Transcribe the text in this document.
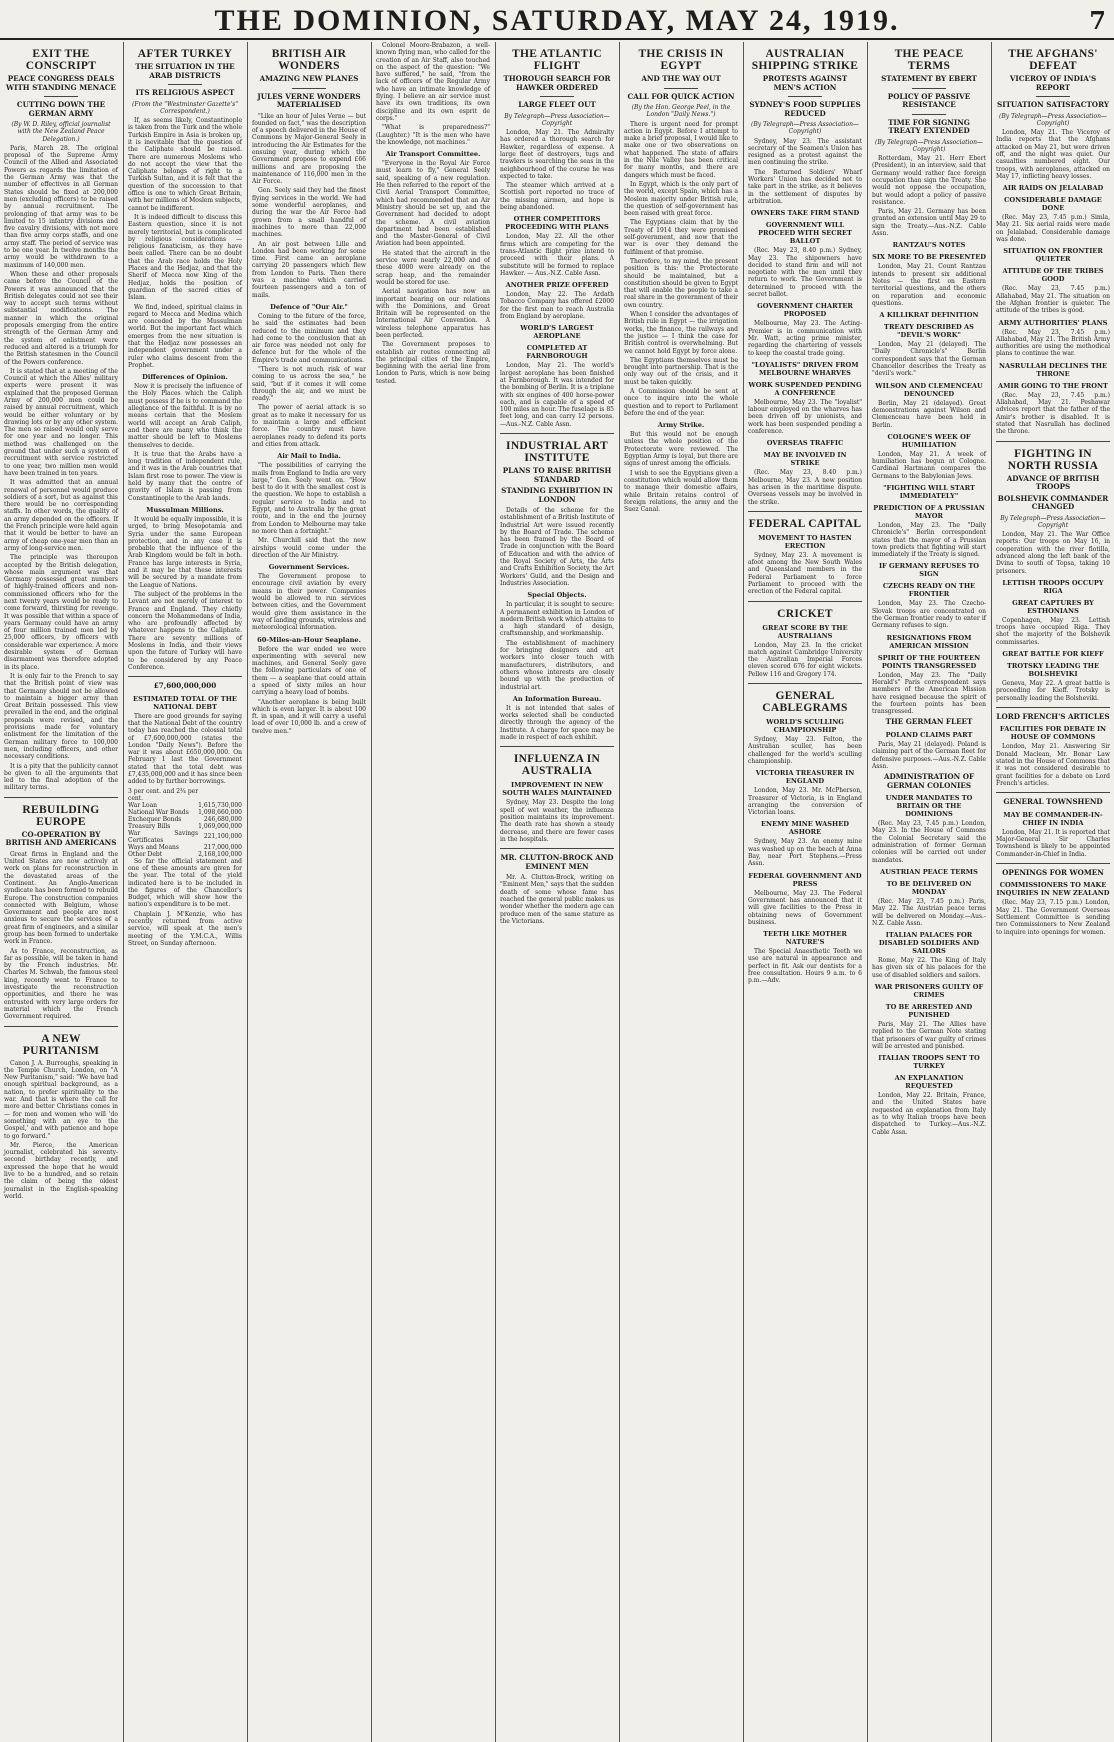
THE DOMINION, SATURDAY, MAY 24, 1919.	7
EXIT THE CONSCRIPT
PEACE CONGRESS DEALS WITH STANDING MENACE
CUTTING DOWN THE GERMAN ARMY
(By W. D. Riley, official journalist with the New Zealand Peace Delegation.)

Paris, March 28. The original proposal of the Supreme Army Council of the Allied and Associated Powers as regards the limitation of the German Army was that the number of effectives in all German States should be fixed at 200,000 men (excluding officers) to be raised by annual recruitment. The prolonging of that army was to be limited to 15 infantry divisions and five cavalry divisions, with not more than five army corps staffs, and one army staff. The period of service was to be one year. In twelve months the army would be withdrawn to a maximum of 140,000 men.

When these and other proposals came before the Council of the Powers it was announced that the British delegates could not see their way to accept such terms without substantial modifications. The manner in which the original proposals emerging from the entire strength of the German Army and the system of enlistment were reduced and altered is a triumph for the British statesmen in the Council of the Powers conference.

It is stated that at a meeting of the Council at which the Allies' military experts were present it was explained that the proposed German Army of 200,000 men could be raised by annual recruitment, which would be either voluntary or by drawing lots or by any other system. The men so raised would only serve for one year and no longer. This method was challenged on the ground that under such a system of recruitment with service restricted to one year, two million men would have been trained in ten years.

It was admitted that an annual renewal of personnel would produce soldiers of a sort, but as against this there would be no corresponding staffs. In other words, the quality of an army depended on the officers. If the French principle were held again that it would be better to have an army of cheap one-year men than an army of long-service men.

The principle was thereupon accepted by the British delegation, whose main argument was that Germany possessed great numbers of highly-trained officers and non-commissioned officers who for the next twenty years would be ready to come forward, thirsting for revenge. It was possible that within a space of years Germany could have an army of four million trained men led by 25,000 officers, by officers with considerable war experience. A more desirable system of German disarmament was therefore adopted in its place.

It is only fair to the French to say that the British point of view was that Germany should not be allowed to maintain a bigger army than Great Britain possessed. This view prevailed in the end, and the original proposals were revised, and the provisions made for voluntary enlistment for the limitation of the German military force to 100,000 men, including officers, and other necessary conditions.

It is a pity that the publicity cannot be given to all the arguments that led to the final adoption of the military terms.

REBUILDING EUROPE
CO-OPERATION BY BRITISH AND AMERICANS

Great firms in England and the United States are now actively at work on plans for reconstruction in the devastated areas of the Continent. An Anglo-American syndicate has been formed to rebuild Europe. The construction companies connected with Belgium, whose Government and people are most anxious to secure the services of a great firm of engineers, and a similar group has been formed to undertake work in France.

As to France, reconstruction, as far as possible, will be taken in hand by the French industries. Mr. Charles M. Schwab, the famous steel king, recently went to France to investigate the reconstruction opportunities, and there he was entrusted with very large orders for material which the French Government required.

A NEW PURITANISM

Canon J. A. Burroughs, speaking in the Temple Church, London, on "A New Puritanism," said: "We have had enough spiritual background, as a nation, to prefer spirituality to the war. And that is where the call for more and better Christians comes in — for men and women who will 'do something with an eye to the Gospel,' and with patience and hope to go forward."

Mr. Pierce, the American journalist, celebrated his seventy-second birthday recently, and expressed the hope that he would live to be a hundred, and so retain the claim of being the oldest journalist in the English-speaking world.

AFTER TURKEY
THE SITUATION IN THE ARAB DISTRICTS
ITS RELIGIOUS ASPECT
(From the "Westminster Gazette's" Correspondent.)

If, as seems likely, Constantinople is taken from the Turk and the whole Turkish Empire in Asia is broken up, it is inevitable that the question of the Caliphate should be raised. There are numerous Moslems who do not accept the view that the Caliphate belongs of right to a Turkish Sultan, and it is felt that the question of the succession to that office is one to which Great Britain, with her millions of Moslem subjects, cannot be indifferent.

It is indeed difficult to discuss this Eastern question, since it is not merely territorial, but is complicated by religious considerations — religious fanaticism, as they have been called. There can be no doubt that the Arab race holds the Holy Places and the Hedjaz, and that the Sherif of Mecca now King of the Hedjaz, holds the position of guardian of the sacred cities of Islam.

We find, indeed, spiritual claims in regard to Mecca and Medina which are conceded by the Mussulman world. But the important fact which emerges from the new situation is that the Hedjaz now possesses an independent government under a ruler who claims descent from the Prophet.

Differences of Opinion.

Now it is precisely the influence of the Holy Places which the Caliph must possess if he is to command the allegiance of the faithful. It is by no means certain that the Moslem world will accept an Arab Caliph, and there are many who think the matter should be left to Moslems themselves to decide.

It is true that the Arabs have a long tradition of independent rule, and it was in the Arab countries that Islam first rose to power. The view is held by many that the centre of gravity of Islam is passing from Constantinople to the Arab lands.

Mussulman Millions.

It would be equally impossible, it is urged, to bring Mesopotamia and Syria under the same European protection, and in any case it is probable that the influence of the Arab Kingdom would be felt in both. France has large interests in Syria, and it may be that these interests will be secured by a mandate from the League of Nations.

The subject of the problems in the Levant are not merely of interest to France and England. They chiefly concern the Mohammedans of India, who are profoundly affected by whatever happens to the Caliphate. There are seventy millions of Moslems in India, and their views upon the future of Turkey will have to be considered by any Peace Conference.

£7,600,000,000
ESTIMATED TOTAL OF THE NATIONAL DEBT

There are good grounds for saying that the National Debt of the country today has reached the colossal total of £7,600,000,000 (states the London "Daily News"). Before the war it was about £650,000,000. On February 1 last the Government stated that the total debt was £7,435,000,000 and it has since been added to by further borrowings.

3 per cent. and 2¾ per cent.	
War Loan	1,615,730,000
National War Bonds	1,098,660,000
Exchequer Bonds	246,680,000
Treasury Bills	1,069,000,000
War Savings Certificates	221,100,000
Ways and Means	217,000,000
Other Debt	2,168,100,000

So far the official statement and one of these amounts are given for the year. The total of the yield indicated here is to be included in the figures of the Chancellor's Budget, which will show how the nation's expenditure is to be met.

Chaplain J. M'Kenzie, who has recently returned from active service, will speak at the men's meeting of the Y.M.C.A., Willis Street, on Sunday afternoon.

BRITISH AIR WONDERS
AMAZING NEW PLANES
JULES VERNE WONDERS MATERIALISED

"Like an hour of Jules Verne — but founded on fact," was the description of a speech delivered in the House of Commons by Major-General Seely in introducing the Air Estimates for the ensuing year, during which the Government propose to expend £66 millions and are proposing the maintenance of 116,000 men in the Air Force.

Gen. Seely said they had the finest flying services in the world. We had some wonderful aeroplanes, and during the war the Air Force had grown from a small handful of machines to more than 22,000 machines.

An air post between Lille and London had been working for some time. First came an aeroplane carrying 20 passengers which flew from London to Paris. Then there was a machine which carried fourteen passengers and a ton of mails.

Defence of "Our Air."

Coming to the future of the force, he said the estimates had been reduced to the minimum and they had come to the conclusion that an air force was needed not only for defence but for the whole of the Empire's trade and communications.

"There is not much risk of war coming to us across the sea," he said, "but if it comes it will come through the air, and we must be ready."

The power of aerial attack is so great as to make it necessary for us to maintain a large and efficient force. The country must have aeroplanes ready to defend its ports and cities from attack.

Air Mail to India.

"The possibilities of carrying the mails from England to India are very large," Gen. Seely went on. "How best to do it with the smallest cost is the question. We hope to establish a regular service to India and to Egypt, and to Australia by the great route, and in the end the journey from London to Melbourne may take no more than a fortnight."

Mr. Churchill said that the new airships would come under the direction of the Air Ministry.

Government Services.

The Government propose to encourage civil aviation by every means in their power. Companies would be allowed to run services between cities, and the Government would give them assistance in the way of landing grounds, wireless and meteorological information.

60-Miles-an-Hour Seaplane.

Before the war ended we were experimenting with several new machines, and General Seely gave the following particulars of one of them — a seaplane that could attain a speed of sixty miles an hour carrying a heavy load of bombs.

"Another aeroplane is being built which is even larger. It is about 100 ft. in span, and it will carry a useful load of over 10,000 lb. and a crew of twelve men."

Colonel Moore-Brabazon, a well-known flying man, who called for the creation of an Air Staff, also touched on the aspect of the question: "We have suffered," he said, "from the lack of officers of the Regular Army who have an intimate knowledge of flying. I believe an air service must have its own traditions, its own discipline and its own esprit de corps."

"What is preparedness?" (Laughter.) "It is the men who have the knowledge, not machines."

Air Transport Committee.

"Everyone in the Royal Air Force must learn to fly," General Seely said, speaking of a new regulation. He then referred to the report of the Civil Aerial Transport Committee, which had recommended that an Air Ministry should be set up, and the Government had decided to adopt the scheme. A civil aviation department had been established and the Master-General of Civil Aviation had been appointed.

He stated that the aircraft in the service were nearly 22,000 and of these 4000 were already on the scrap heap, and the remainder would be stored for use.

Aerial navigation has now an important bearing on our relations with the Dominions, and Great Britain will be represented on the International Air Convention. A wireless telephone apparatus has been perfected.

The Government proposes to establish air routes connecting all the principal cities of the Empire, beginning with the aerial line from London to Paris, which is now being tested.

THE ATLANTIC FLIGHT
THOROUGH SEARCH FOR HAWKER ORDERED
LARGE FLEET OUT
By Telegraph—Press Association—Copyright

London, May 21. The Admiralty has ordered a thorough search for Hawker, regardless of expense. A large fleet of destroyers, tugs and trawlers is searching the seas in the neighbourhood of the course he was expected to take.

The steamer which arrived at a Scottish port reported no trace of the missing airmen, and hope is being abandoned.

OTHER COMPETITORS PROCEEDING WITH PLANS

London, May 22. All the other firms which are competing for the trans-Atlantic flight prize intend to proceed with their plans. A substitute will be formed to replace Hawker. — Aus.-N.Z. Cable Assn.

ANOTHER PRIZE OFFERED

London, May 22. The Ardath Tobacco Company has offered £2000 for the first man to reach Australia from England by aeroplane.

WORLD'S LARGEST AEROPLANE
COMPLETED AT FARNBOROUGH

London, May 21. The world's largest aeroplane has been finished at Farnborough. It was intended for the bombing of Berlin. It is a triplane with six engines of 400 horse-power each, and is capable of a speed of 100 miles an hour. The fuselage is 85 feet long, and can carry 12 persons.—Aus.-N.Z. Cable Assn.

INDUSTRIAL ART INSTITUTE
PLANS TO RAISE BRITISH STANDARD
STANDING EXHIBITION IN LONDON

Details of the scheme for the establishment of a British Institute of Industrial Art were issued recently by the Board of Trade. The scheme has been framed by the Board of Trade in conjunction with the Board of Education and with the advice of the Royal Society of Arts, the Arts and Crafts Exhibition Society, the Art Workers' Guild, and the Design and Industries Association.

Special Objects.

In particular, it is sought to secure: A permanent exhibition in London of modern British work which attains to a high standard of design, craftsmanship, and workmanship.

The establishment of machinery for bringing designers and art workers into closer touch with manufacturers, distributors, and others whose interests are closely bound up with the production of industrial art.

An Information Bureau.

It is not intended that sales of works selected shall be conducted directly through the agency of the Institute. A charge for space may be made in respect of each exhibit.

INFLUENZA IN AUSTRALIA
IMPROVEMENT IN NEW SOUTH WALES MAINTAINED

Sydney, May 23. Despite the long spell of wet weather, the influenza position maintains its improvement. The death rate has shown a steady decrease, and there are fewer cases in the hospitals.

MR. CLUTTON-BROCK AND EMINENT MEN

Mr. A. Clutton-Brock, writing on "Eminent Men," says that the sudden death of some whose fame has reached the general public makes us wonder whether the modern age can produce men of the same stature as the Victorians.

THE CRISIS IN EGYPT
AND THE WAY OUT
CALL FOR QUICK ACTION
(By the Hon. George Peel, in the London "Daily News.")

There is urgent need for prompt action in Egypt. Before I attempt to make a brief proposal, I would like to make one or two observations on what happened. The state of affairs in the Nile Valley has been critical for many months, and there are dangers which must be faced.

In Egypt, which is the only part of the world, except Spain, which has a Moslem majority under British rule, the question of self-government has been raised with great force.

The Egyptians claim that by the Treaty of 1914 they were promised self-government, and now that the war is over they demand the fulfilment of that promise.

Therefore, to my mind, the present position is this: the Protectorate should be maintained, but a constitution should be given to Egypt that will enable the people to take a real share in the government of their own country.

When I consider the advantages of British rule in Egypt — the irrigation works, the finance, the railways and the justice — I think the case for British control is overwhelming. But we cannot hold Egypt by force alone.

The Egyptians themselves must be brought into partnership. That is the only way out of the crisis, and it must be taken quickly.

A Commission should be sent at once to inquire into the whole question and to report to Parliament before the end of the year.

Army Strike.

But this would not be enough unless the whole position of the Protectorate were reviewed. The Egyptian Army is loyal, but there are signs of unrest among the officials.

I wish to see the Egyptians given a constitution which would allow them to manage their domestic affairs, while Britain retains control of foreign relations, the army and the Suez Canal.

AUSTRALIAN SHIPPING STRIKE
PROTESTS AGAINST MEN'S ACTION
SYDNEY'S FOOD SUPPLIES REDUCED
(By Telegraph—Press Association—Copyright)

Sydney, May 23. The assistant secretary of the Seamen's Union has resigned as a protest against the men continuing the strike.

The Returned Soldiers' Wharf Workers' Union has decided not to take part in the strike, as it believes in the settlement of disputes by arbitration.

OWNERS TAKE FIRM STAND
GOVERNMENT WILL PROCEED WITH SECRET BALLOT

(Rec. May 23, 8.40 p.m.) Sydney, May 23. The shipowners have decided to stand firm and will not negotiate with the men until they return to work. The Government is determined to proceed with the secret ballot.

GOVERNMENT CHARTER PROPOSED

Melbourne, May 23. The Acting-Premier is in communication with Mr. Watt, acting prime minister, regarding the chartering of vessels to keep the coastal trade going.

"LOYALISTS" DRIVEN FROM MELBOURNE WHARVES
WORK SUSPENDED PENDING A CONFERENCE

Melbourne, May 23. The "loyalist" labour employed on the wharves has been driven off by unionists, and work has been suspended pending a conference.

OVERSEAS TRAFFIC
MAY BE INVOLVED IN STRIKE

(Rec. May 23, 8.40 p.m.) Melbourne, May 23. A new position has arisen in the maritime dispute. Overseas vessels may be involved in the strike.

FEDERAL CAPITAL
MOVEMENT TO HASTEN ERECTION

Sydney, May 23. A movement is afoot among the New South Wales and Queensland members in the Federal Parliament to force Parliament to proceed with the erection of the Federal capital.

CRICKET
GREAT SCORE BY THE AUSTRALIANS

London, May 23. In the cricket match against Cambridge University the Australian Imperial Forces eleven scored 676 for eight wickets. Pellew 116 and Gregory 174.

GENERAL CABLEGRAMS
WORLD'S SCULLING CHAMPIONSHIP

Sydney, May 23. Felton, the Australian sculler, has been challenged for the world's sculling championship.

VICTORIA TREASURER IN ENGLAND

London, May 23. Mr. McPherson, Treasurer of Victoria, is in England arranging the conversion of Victorian loans.

ENEMY MINE WASHED ASHORE

Sydney, May 23. An enemy mine was washed up on the beach at Anna Bay, near Port Stephens.—Press Assn.

FEDERAL GOVERNMENT AND PRESS

Melbourne, May 23. The Federal Government has announced that it will give facilities to the Press in obtaining news of Government business.

TEETH LIKE MOTHER NATURE'S

The Special Anaesthetic Teeth we use are natural in appearance and perfect in fit. Ask our dentists for a free consultation. Hours 9 a.m. to 6 p.m.—Adv.

THE PEACE TERMS
STATEMENT BY EBERT
POLICY OF PASSIVE RESISTANCE
TIME FOR SIGNING TREATY EXTENDED
(By Telegraph—Press Association—Copyright)

Rotterdam, May 21. Herr Ebert (President), in an interview, said that Germany would rather face foreign occupation than sign the Treaty. She would not oppose the occupation, but would adopt a policy of passive resistance.

Paris, May 21. Germany has been granted an extension until May 29 to sign the Treaty.—Aus.-N.Z. Cable Assn.

RANTZAU'S NOTES
SIX MORE TO BE PRESENTED

London, May 21. Count Rantzau intends to present six additional Notes — the first on Eastern territorial questions, and the others on reparation and economic questions.

A KILLIKRAT DEFINITION
TREATY DESCRIBED AS "DEVIL'S WORK"

London, May 21 (delayed). The "Daily Chronicle's" Berlin correspondent says that the German Chancellor describes the Treaty as "devil's work."

WILSON AND CLEMENCEAU DENOUNCED

Berlin, May 21 (delayed). Great demonstrations against Wilson and Clemenceau have been held in Berlin.

COLOGNE'S WEEK OF HUMILIATION

London, May 21. A week of humiliation has begun at Cologne. Cardinal Hartmann compares the Germans to the Babylonian Jews.

"FIGHTING WILL START IMMEDIATELY"
PREDICTION OF A PRUSSIAN MAYOR

London, May 23. The "Daily Chronicle's" Berlin correspondent states that the mayor of a Prussian town predicts that fighting will start immediately if the Treaty is signed.

IF GERMANY REFUSES TO SIGN
CZECHS READY ON THE FRONTIER

London, May 23. The Czecho-Slovak troops are concentrated on the German frontier ready to enter if Germany refuses to sign.

RESIGNATIONS FROM AMERICAN MISSION
SPIRIT OF THE FOURTEEN POINTS TRANSGRESSED

London, May 23. The "Daily Herald's" Paris correspondent says members of the American Mission have resigned because the spirit of the fourteen points has been transgressed.

THE GERMAN FLEET
POLAND CLAIMS PART

Paris, May 21 (delayed). Poland is claiming part of the German fleet for defensive purposes.—Aus.-N.Z. Cable Assn.

ADMINISTRATION OF GERMAN COLONIES
UNDER MANDATES TO BRITAIN OR THE DOMINIONS

(Rec. May 23, 7.45 p.m.) London, May 23. In the House of Commons the Colonial Secretary said the administration of former German colonies will be carried out under mandates.

AUSTRIAN PEACE TERMS
TO BE DELIVERED ON MONDAY

(Rec. May 23, 7.45 p.m.) Paris, May 22. The Austrian peace terms will be delivered on Monday.—Aus.-N.Z. Cable Assn.

ITALIAN PALACES FOR DISABLED SOLDIERS AND SAILORS

Rome, May 22. The King of Italy has given six of his palaces for the use of disabled soldiers and sailors.

WAR PRISONERS GUILTY OF CRIMES
TO BE ARRESTED AND PUNISHED

Paris, May 21. The Allies have replied to the German Note stating that prisoners of war guilty of crimes will be arrested and punished.

ITALIAN TROOPS SENT TO TURKEY
AN EXPLANATION REQUESTED

London, May 22. Britain, France, and the United States have requested an explanation from Italy as to why Italian troops have been dispatched to Turkey.—Aus.-N.Z. Cable Assn.

THE AFGHANS' DEFEAT
VICEROY OF INDIA'S REPORT
SITUATION SATISFACTORY
(By Telegraph—Press Association—Copyright)

London, May 21. The Viceroy of India reports that the Afghans attacked on May 21, but were driven off, and the night was quiet. Our casualties numbered eight. Our troops, with aeroplanes, attacked on May 17, inflicting heavy losses.

AIR RAIDS ON JELALABAD
CONSIDERABLE DAMAGE DONE

(Rec. May 23, 7.45 p.m.) Simla, May 21. Six aerial raids were made on Jelalabad. Considerable damage was done.

SITUATION ON FRONTIER QUIETER
ATTITUDE OF THE TRIBES GOOD

(Rec. May 23, 7.45 p.m.) Allahabad, May 21. The situation on the Afghan frontier is quieter. The attitude of the tribes is good.

ARMY AUTHORITIES' PLANS

(Rec. May 23, 7.45 p.m.) Allahabad, May 21. The British Army authorities are using the methodical plans to continue the war.

NASRULLAH DECLINES THE THRONE
AMIR GOING TO THE FRONT

(Rec. May 23, 7.45 p.m.) Allahabad, May 21. Peshawar advices report that the father of the Amir's brother is disabled. It is stated that Nasrullah has declined the throne.

FIGHTING IN NORTH RUSSIA
ADVANCE OF BRITISH TROOPS
BOLSHEVIK COMMANDER CHANGED
By Telegraph—Press Association—Copyright

London, May 21. The War Office reports: Our troops on May 16, in cooperation with the river flotilla, advanced along the left bank of the Dvina to south of Topsa, taking 10 prisoners.

LETTISH TROOPS OCCUPY RIGA
GREAT CAPTURES BY ESTHONIANS

Copenhagen, May 23. Lettish troops have occupied Riga. They shot the majority of the Bolshevik commissaries.

GREAT BATTLE FOR KIEFF
TROTSKY LEADING THE BOLSHEVIKI

Geneva, May 22. A great battle is proceeding for Kieff. Trotsky is personally leading the Bolsheviki.

LORD FRENCH'S ARTICLES
FACILITIES FOR DEBATE IN HOUSE OF COMMONS

London, May 21. Answering Sir Donald Maclean, Mr. Bonar Law stated in the House of Commons that it was not considered desirable to grant facilities for a debate on Lord French's articles.

GENERAL TOWNSHEND
MAY BE COMMANDER-IN-CHIEF IN INDIA

London, May 21. It is reported that Major-General Sir Charles Townshend is likely to be appointed Commander-in-Chief in India.

OPENINGS FOR WOMEN
COMMISSIONERS TO MAKE INQUIRIES IN NEW ZEALAND

(Rec. May 23, 7.15 p.m.) London, May 21. The Government Overseas Settlement Committee is sending two Commissioners to New Zealand to inquire into openings for women.
